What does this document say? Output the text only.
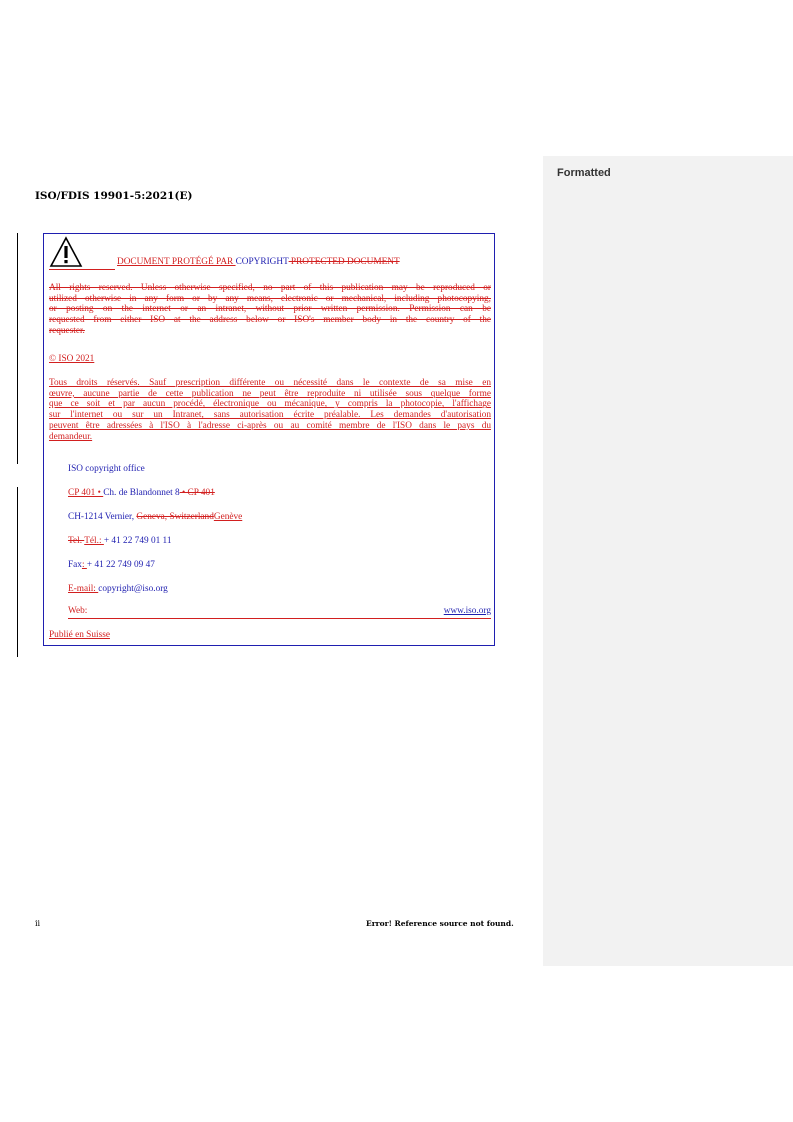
Formatted
ISO/FDIS 19901-5:2021(E)
DOCUMENT PROTÉGÉ PAR COPYRIGHT PROTECTED DOCUMENT
All rights reserved. Unless otherwise specified, no part of this publication may be reproduced or
utilized otherwise in any form or by any means, electronic or mechanical, including photocopying,
or posting on the internet or an intranet, without prior written permission. Permission can be
requested from either ISO at the address below or ISO's member body in the country of the
requester.
© ISO 2021
Tous droits réservés. Sauf prescription différente ou nécessité dans le contexte de sa mise en
œuvre, aucune partie de cette publication ne peut être reproduite ni utilisée sous quelque forme
que ce soit et par aucun procédé, électronique ou mécanique, y compris la photocopie, l'affichage
sur l'internet ou sur un Intranet, sans autorisation écrite préalable. Les demandes d'autorisation
peuvent être adressées à l'ISO à l'adresse ci-après ou au comité membre de l'ISO dans le pays du
demandeur.
ISO copyright office
CP 401 • Ch. de Blandonnet 8 • CP 401
CH-1214 Vernier, Geneva, SwitzerlandGenève
Tel. Tél.: + 41 22 749 01 11
Fax: + 41 22 749 09 47
E-mail: copyright@iso.org
Web:	www.iso.org
Publié en Suisse
ii	Error! Reference source not found.
